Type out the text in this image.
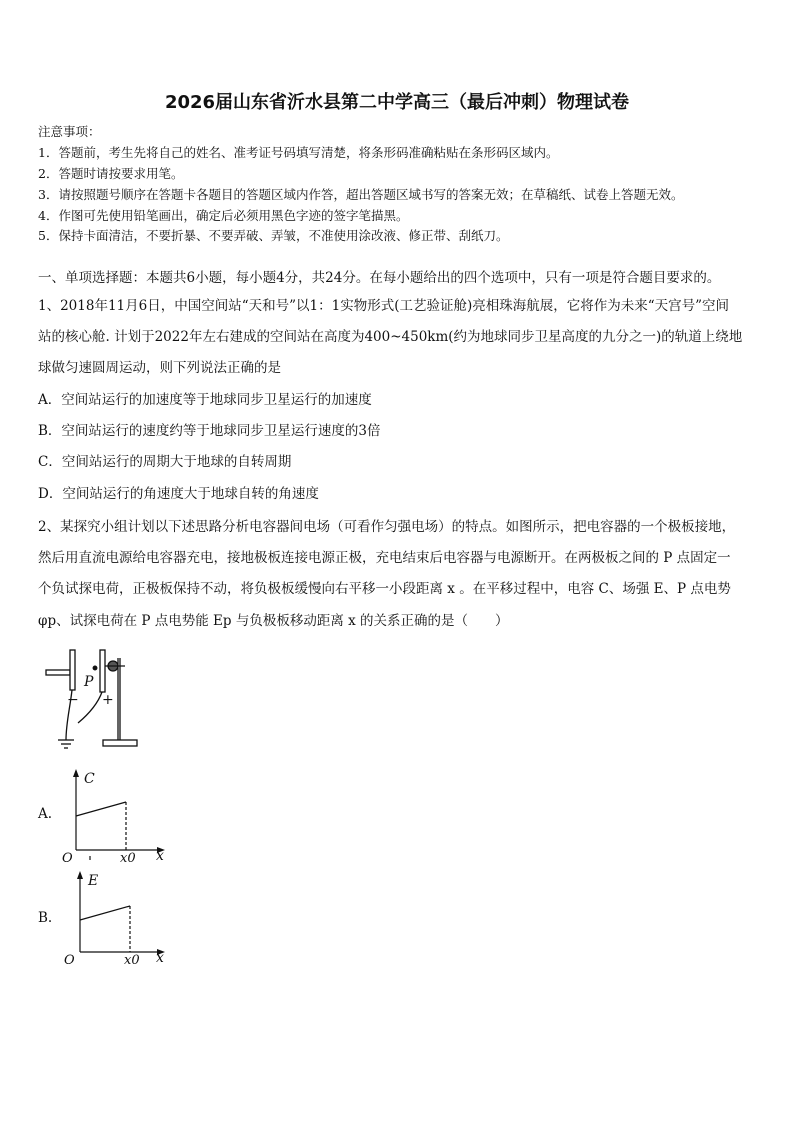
2026届山东省沂水县第二中学高三（最后冲刺）物理试卷
注意事项：
1．答题前，考生先将自己的姓名、准考证号码填写清楚，将条形码准确粘贴在条形码区域内。
2．答题时请按要求用笔。
3．请按照题号顺序在答题卡各题目的答题区域内作答，超出答题区域书写的答案无效；在草稿纸、试卷上答题无效。
4．作图可先使用铅笔画出，确定后必须用黑色字迹的签字笔描黑。
5．保持卡面清洁，不要折暴、不要弄破、弄皱，不准使用涂改液、修正带、刮纸刀。
一、单项选择题：本题共6小题，每小题4分，共24分。在每小题给出的四个选项中，只有一项是符合题目要求的。
1、2018年11月6日，中国空间站“天和号”以1：1实物形式(工艺验证舱)亮相珠海航展，它将作为未来“天宫号”空间
站的核心舱. 计划于2022年左右建成的空间站在高度为400~450km(约为地球同步卫星高度的九分之一)的轨道上绕地
球做匀速圆周运动，则下列说法正确的是
A．空间站运行的加速度等于地球同步卫星运行的加速度
B．空间站运行的速度约等于地球同步卫星运行速度的3倍
C．空间站运行的周期大于地球的自转周期
D．空间站运行的角速度大于地球自转的角速度
2、某探究小组计划以下述思路分析电容器间电场（可看作匀强电场）的特点。如图所示，把电容器的一个极板接地，
然后用直流电源给电容器充电，接地极板连接电源正极，充电结束后电容器与电源断开。在两极板之间的 P 点固定一
个负试探电荷，正极板保持不动，将负极板缓慢向右平移一小段距离 x 。在平移过程中，电容 C、场强 E、P 点电势
φp、试探电荷在 P 点电势能 Ep 与负极板移动距离 x 的关系正确的是（　　）
P
− +
A.
C
O	x0 x
B.
E
O	x0 x
